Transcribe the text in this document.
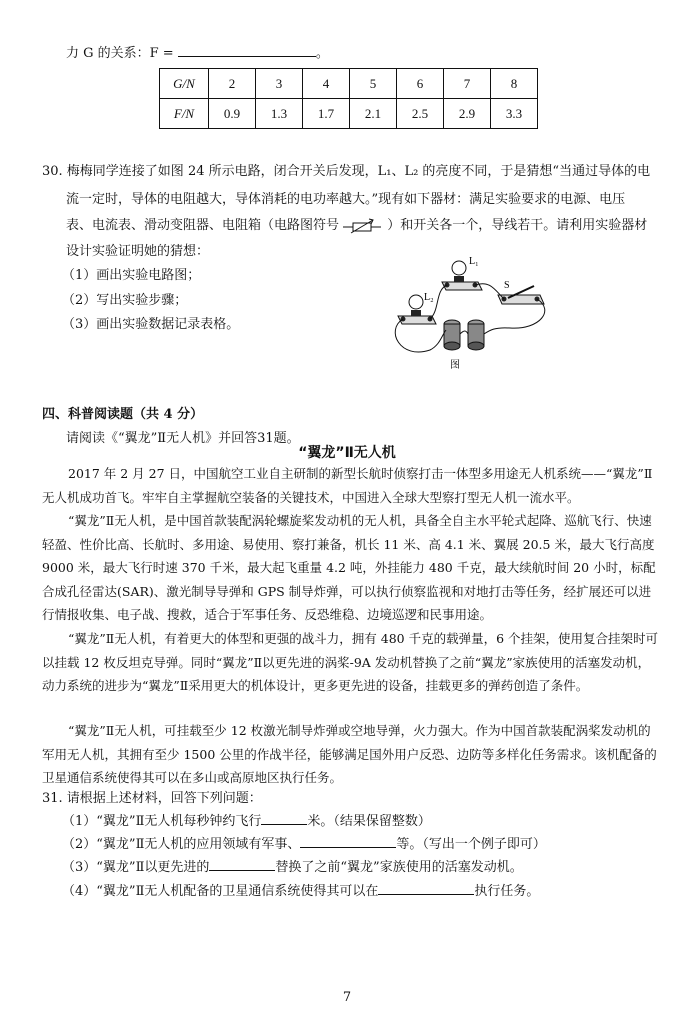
力 G 的关系：F =	。
G/N	2	3	4	5	6	7	8
F/N	0.9	1.3	1.7	2.1	2.5	2.9	3.3
30. 梅梅同学连接了如图 24 所示电路，闭合开关后发现，L₁、L₂ 的亮度不同，于是猜想“当通过导体的电
流一定时，导体的电阻越大，导体消耗的电功率越大。”现有如下器材：满足实验要求的电源、电压
表、电流表、滑动变阻器、电阻箱（电路图符号	）和开关各一个，导线若干。请利用实验器材
设计实验证明她的猜想：
（1）画出实验电路图；
（2）写出实验步骤；
（3）画出实验数据记录表格。
L₁
L₂
S
图
四、科普阅读题（共 4 分）
请阅读《“翼龙”Ⅱ无人机》并回答31题。
“翼龙”Ⅱ无人机
2017 年 2 月 27 日，中国航空工业自主研制的新型长航时侦察打击一体型多用途无人机系统——“翼龙”Ⅱ无人机成功首飞。牢牢自主掌握航空装备的关键技术，中国进入全球大型察打型无人机一流水平。
“翼龙”Ⅱ无人机，是中国首款装配涡轮螺旋桨发动机的无人机，具备全自主水平轮式起降、巡航飞行、快速轻盈、性价比高、长航时、多用途、易使用、察打兼备，机长 11 米、高 4.1 米、翼展 20.5 米，最大飞行高度 9000 米，最大飞行时速 370 千米，最大起飞重量 4.2 吨，外挂能力 480 千克，最大续航时间 20 小时，标配合成孔径雷达(SAR)、激光制导导弹和 GPS 制导炸弹，可以执行侦察监视和对地打击等任务，经扩展还可以进行情报收集、电子战、搜救，适合于军事任务、反恐维稳、边境巡逻和民事用途。
“翼龙”Ⅱ无人机，有着更大的体型和更强的战斗力，拥有 480 千克的载弹量，6 个挂架，使用复合挂架时可以挂载 12 枚反坦克导弹。同时“翼龙”Ⅱ以更先进的涡桨-9A 发动机替换了之前“翼龙”家族使用的活塞发动机，动力系统的进步为“翼龙”Ⅱ采用更大的机体设计，更多更先进的设备，挂载更多的弹药创造了条件。
“翼龙”Ⅱ无人机，可挂载至少 12 枚激光制导炸弹或空地导弹，火力强大。作为中国首款装配涡桨发动机的军用无人机，其拥有至少 1500 公里的作战半径，能够满足国外用户反恐、边防等多样化任务需求。该机配备的卫星通信系统使得其可以在多山或高原地区执行任务。
31. 请根据上述材料，回答下列问题：
（1）“翼龙”Ⅱ无人机每秒钟约飞行	米。（结果保留整数）
（2）“翼龙”Ⅱ无人机的应用领域有军事、	等。（写出一个例子即可）
（3）“翼龙”Ⅱ以更先进的	替换了之前“翼龙”家族使用的活塞发动机。
（4）“翼龙”Ⅱ无人机配备的卫星通信系统使得其可以在	执行任务。
7
